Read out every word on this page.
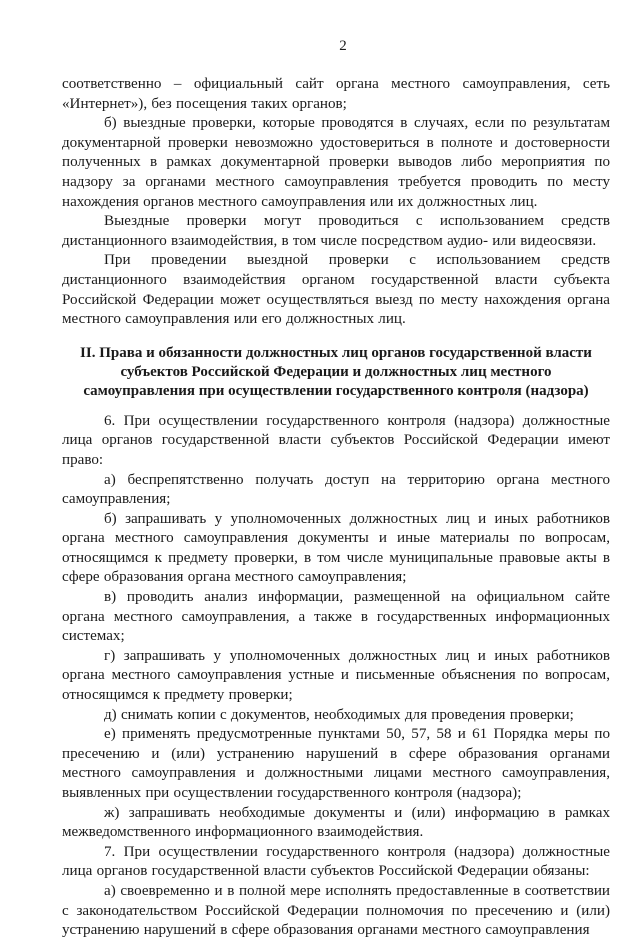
2

соответственно – официальный сайт органа местного самоуправления, сеть «Интернет»), без посещения таких органов;

б) выездные проверки, которые проводятся в случаях, если по результатам документарной проверки невозможно удостовериться в полноте и достоверности полученных в рамках документарной проверки выводов либо мероприятия по надзору за органами местного самоуправления требуется проводить по месту нахождения органов местного самоуправления или их должностных лиц.

Выездные проверки могут проводиться с использованием средств дистанционного взаимодействия, в том числе посредством аудио- или видеосвязи.

При проведении выездной проверки с использованием средств дистанционного взаимодействия органом государственной власти субъекта Российской Федерации может осуществляться выезд по месту нахождения органа местного самоуправления или его должностных лиц.

II. Права и обязанности должностных лиц органов государственной власти субъектов Российской Федерации и должностных лиц местного самоуправления при осуществлении государственного контроля (надзора)

6. При осуществлении государственного контроля (надзора) должностные лица органов государственной власти субъектов Российской Федерации имеют право:

а) беспрепятственно получать доступ на территорию органа местного самоуправления;

б) запрашивать у уполномоченных должностных лиц и иных работников органа местного самоуправления документы и иные материалы по вопросам, относящимся к предмету проверки, в том числе муниципальные правовые акты в сфере образования органа местного самоуправления;

в) проводить анализ информации, размещенной на официальном сайте органа местного самоуправления, а также в государственных информационных системах;

г) запрашивать у уполномоченных должностных лиц и иных работников органа местного самоуправления устные и письменные объяснения по вопросам, относящимся к предмету проверки;

д) снимать копии с документов, необходимых для проведения проверки;

е) применять предусмотренные пунктами 50, 57, 58 и 61 Порядка меры по пресечению и (или) устранению нарушений в сфере образования органами местного самоуправления и должностными лицами местного самоуправления, выявленных при осуществлении государственного контроля (надзора);

ж) запрашивать необходимые документы и (или) информацию в рамках межведомственного информационного взаимодействия.

7. При осуществлении государственного контроля (надзора) должностные лица органов государственной власти субъектов Российской Федерации обязаны:

а) своевременно и в полной мере исполнять предоставленные в соответствии с законодательством Российской Федерации полномочия по пресечению и (или) устранению нарушений в сфере образования органами местного самоуправления
